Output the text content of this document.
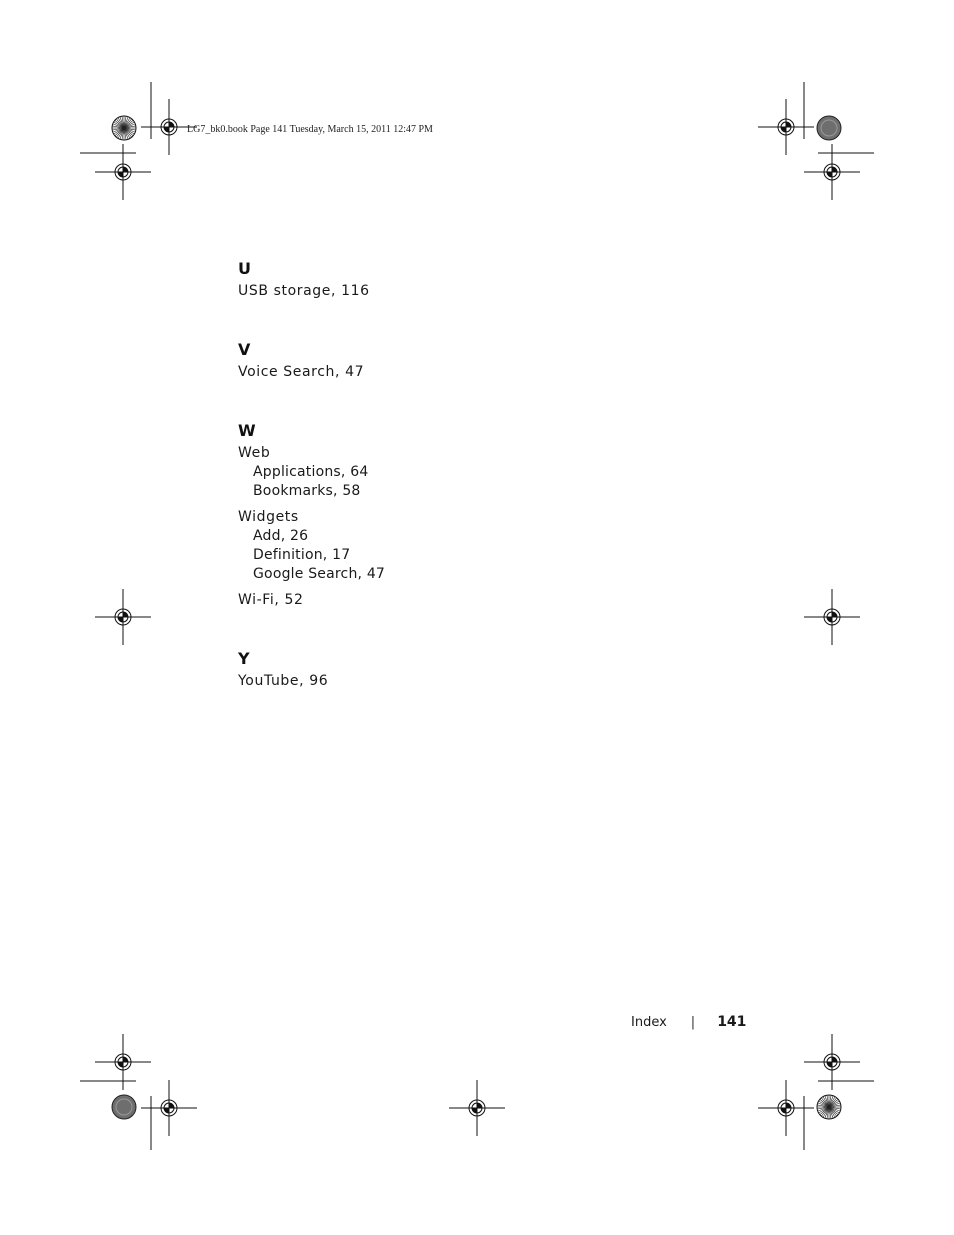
LG7_bk0.book Page 141 Tuesday, March 15, 2011 12:47 PM
U
USB storage, 116
V
Voice Search, 47
W
Web
Applications, 64
Bookmarks, 58
Widgets
Add, 26
Definition, 17
Google Search, 47
Wi-Fi, 52
Y
YouTube, 96
Index | 141
